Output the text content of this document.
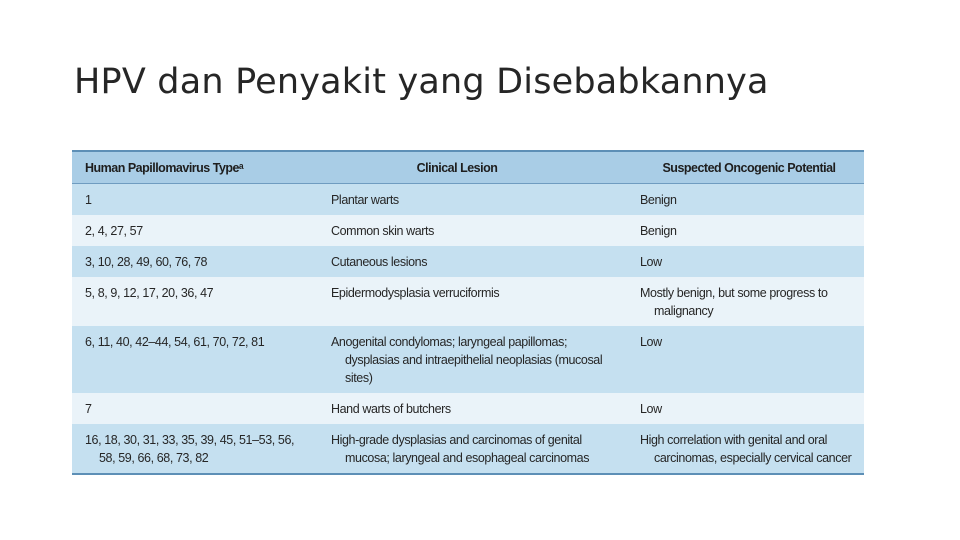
HPV dan Penyakit yang Disebabkannya
Human Papillomavirus Typeᵃ	Clinical Lesion	Suspected Oncogenic Potential

1	Plantar warts	Benign

2, 4, 27, 57	Common skin warts	Benign

3, 10, 28, 49, 60, 76, 78	Cutaneous lesions	Low

5, 8, 9, 12, 17, 20, 36, 47	Epidermodysplasia verruciformis	Mostly benign, but some progress to malignancy

6, 11, 40, 42–44, 54, 61, 70, 72, 81	Anogenital condylomas; laryngeal papillomas; dysplasias and intraepithelial neoplasias (mucosal sites)	Low

7	Hand warts of butchers	Low

16, 18, 30, 31, 33, 35, 39, 45, 51–53, 56, 58, 59, 66, 68, 73, 82	High-grade dysplasias and carcinomas of genital mucosa; laryngeal and esophageal carcinomas	High correlation with genital and oral carcinomas, especially cervical cancer
